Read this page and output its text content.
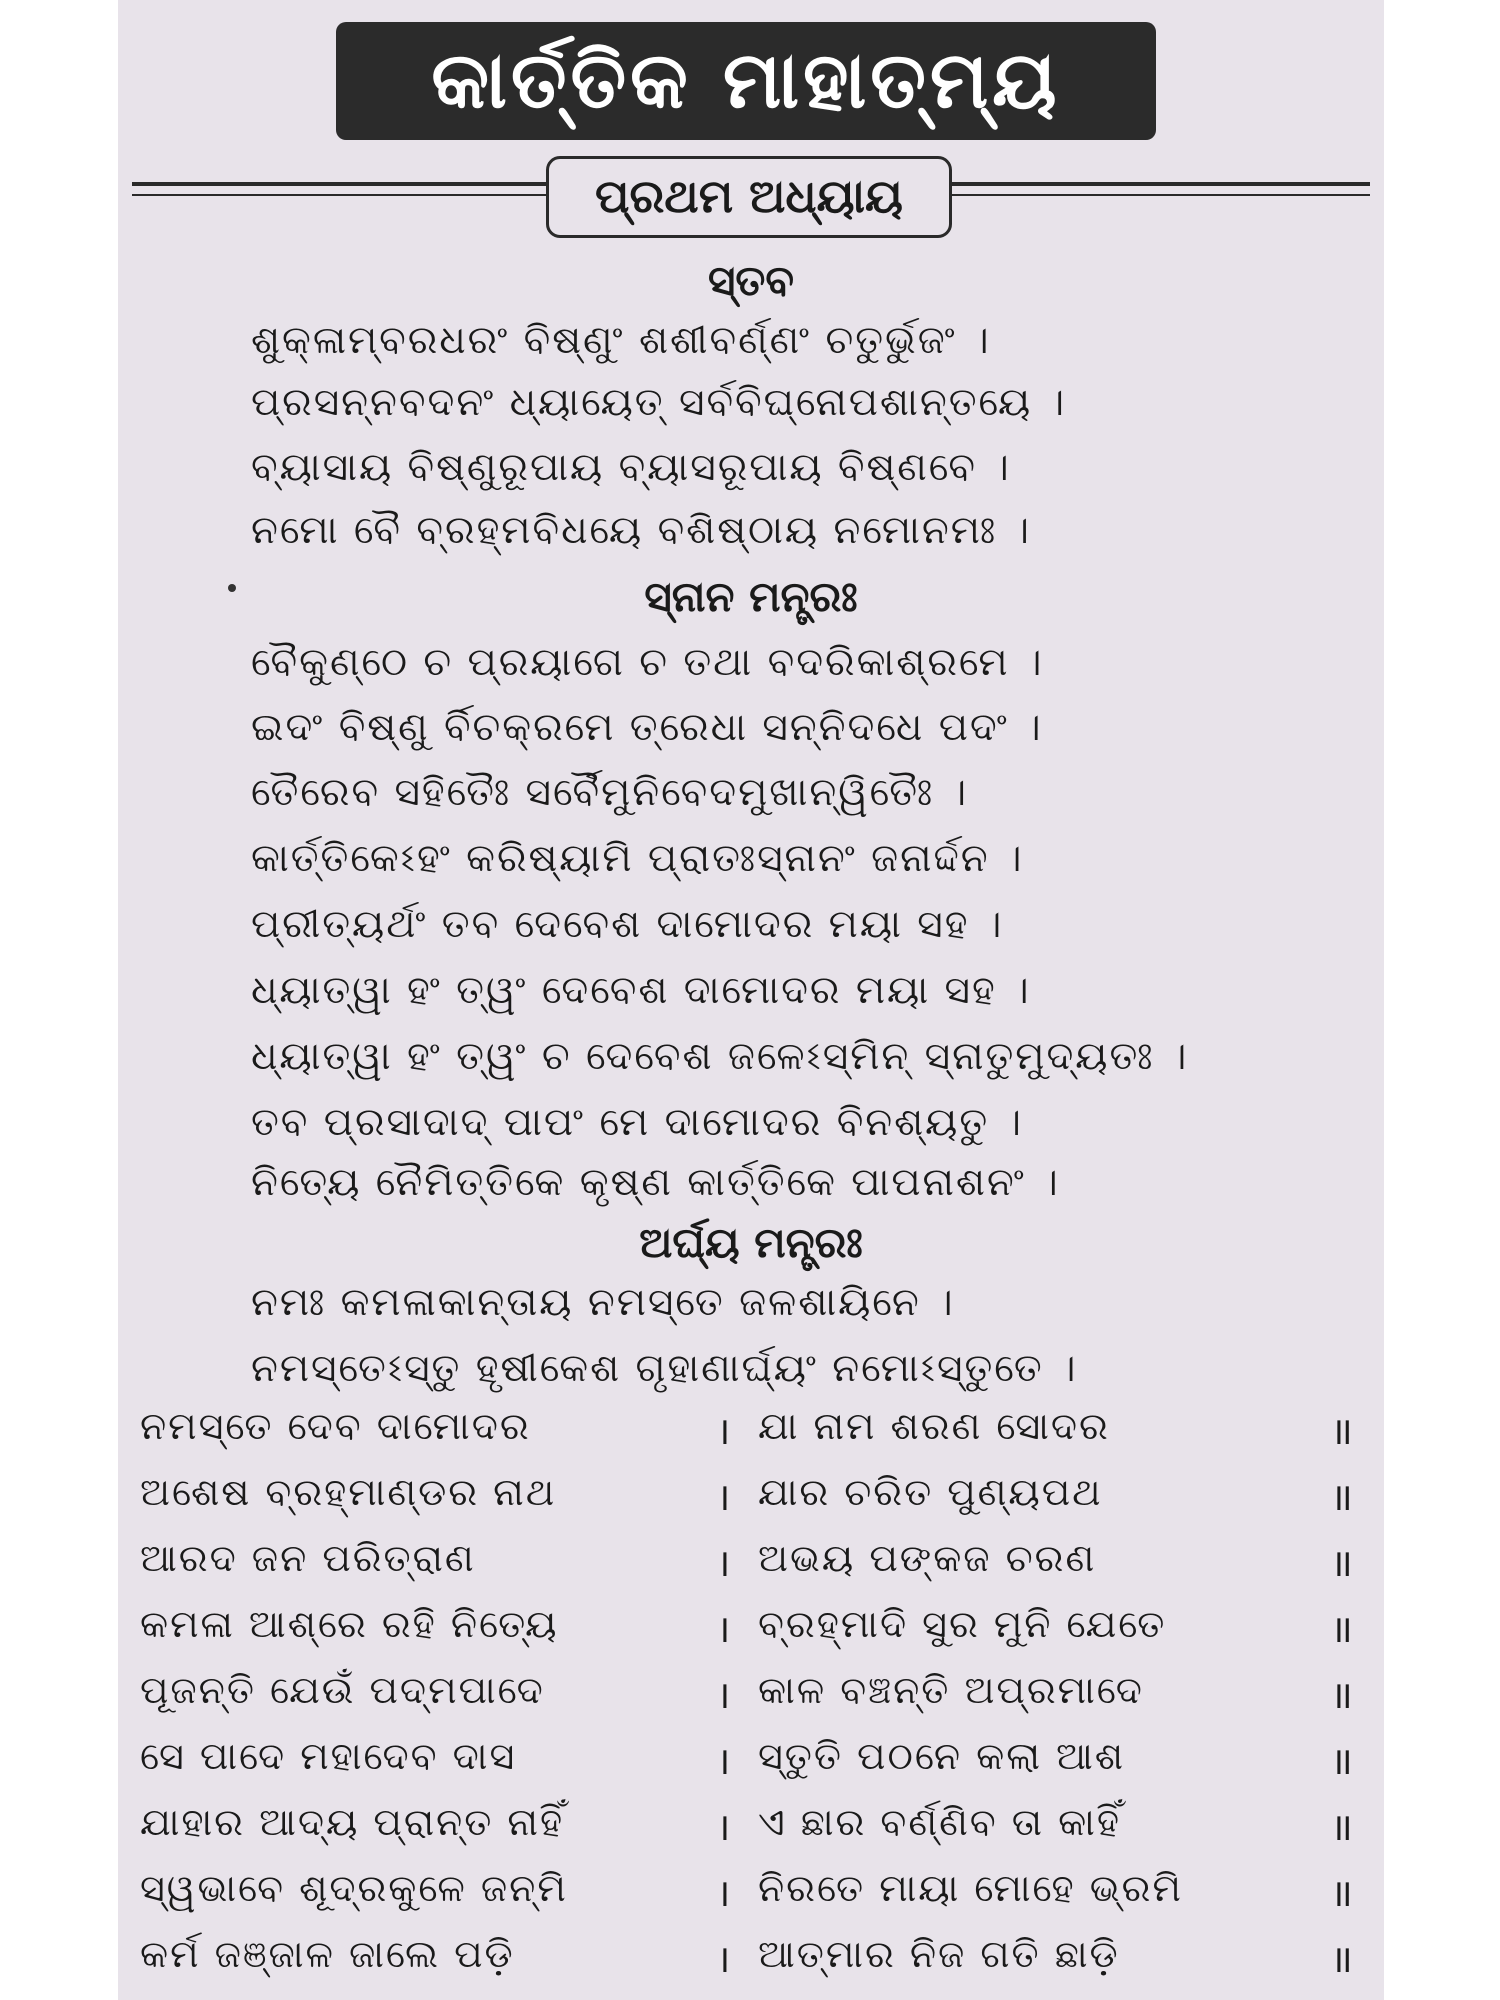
କାର୍ତ୍ତିକ ମାହାତ୍ମ୍ୟ
ପ୍ରଥମ ଅଧ୍ୟାୟ
ସ୍ତବ
ଶୁକ୍ଳାମ୍ବରଧରଂ ବିଷ୍ଣୁଂ ଶଶୀବର୍ଣ୍ଣଂ ଚତୁର୍ଭୁଜଂ ।
ପ୍ରସନ୍ନବଦନଂ ଧ୍ୟାୟେତ୍ ସର୍ବବିଘ୍ନୋପଶାନ୍ତୟେ ।
ବ୍ୟାସାୟ ବିଷ୍ଣୁରୂପାୟ ବ୍ୟାସରୂପାୟ ବିଷ୍ଣବେ ।
ନମୋ ବୈ ବ୍ରହ୍ମବିଧୟେ ବଶିଷ୍ଠାୟ ନମୋନମଃ ।
ସ୍ନାନ ମନ୍ତ୍ରଃ
ବୈକୁଣ୍ଠେ ଚ ପ୍ରୟାଗେ ଚ ତଥା ବଦରିକାଶ୍ରମେ ।
ଇଦଂ ବିଷ୍ଣୁ ର୍ବିଚକ୍ରମେ ତ୍ରେଧା ସନ୍ନିଦଧେ ପଦଂ ।
ତୈରେବ ସହିତୈଃ ସର୍ବୈମୁନିବେଦମୁଖାନ୍ୱିତୈଃ ।
କାର୍ତ୍ତିକେଽହଂ କରିଷ୍ୟାମି ପ୍ରାତଃସ୍ନାନଂ ଜନାର୍ଦ୍ଦନ ।
ପ୍ରୀତ୍ୟର୍ଥଂ ତବ ଦେବେଶ ଦାମୋଦର ମୟା ସହ ।
ଧ୍ୟାତ୍ୱା ହଂ ତ୍ୱଂ ଦେବେଶ ଦାମୋଦର ମୟା ସହ ।
ଧ୍ୟାତ୍ୱା ହଂ ତ୍ୱଂ ଚ ଦେବେଶ ଜଳେଽସ୍ମିନ୍ ସ୍ନାତୁମୁଦ୍ୟତଃ ।
ତବ ପ୍ରସାଦାଦ୍ ପାପଂ ମେ ଦାମୋଦର ବିନଶ୍ୟତୁ ।
ନିତ୍ୟେ ନୈମିତ୍ତିକେ କୃଷ୍ଣ କାର୍ତ୍ତିକେ ପାପନାଶନଂ ।
ଅର୍ଘ୍ୟ ମନ୍ତ୍ରଃ
ନମଃ କମଳାକାନ୍ତାୟ ନମସ୍ତେ ଜଳଶାୟିନେ ।
ନମସ୍ତେଽସ୍ତୁ ହୃଷୀକେଶ ଗୃହାଣାର୍ଘ୍ୟଂ ନମୋଽସ୍ତୁତେ ।
ନମସ୍ତେ ଦେବ ଦାମୋଦର	। ଯା ନାମ ଶରଣ ସୋଦର	॥
ଅଶେଷ ବ୍ରହ୍ମାଣ୍ଡର ନାଥ	। ଯାର ଚରିତ ପୁଣ୍ୟପଥ	॥
ଆରଦ ଜନ ପରିତ୍ରାଣ	। ଅଭୟ ପଙ୍କଜ ଚରଣ	॥
କମଳା ଆଶ୍ରେ ରହି ନିତ୍ୟେ	। ବ୍ରହ୍ମାଦି ସୁର ମୁନି ଯେତେ	॥
ପୂଜନ୍ତି ଯେଉଁ ପଦ୍ମପାଦେ	। କାଳ ବଞ୍ଚନ୍ତି ଅପ୍ରମାଦେ	॥
ସେ ପାଦେ ମହାଦେବ ଦାସ	। ସ୍ତୁତି ପଠନେ କଲା ଆଶ	॥
ଯାହାର ଆଦ୍ୟ ପ୍ରାନ୍ତ ନାହିଁ	। ଏ ଛାର ବର୍ଣ୍ଣିବ ତା କାହିଁ	॥
ସ୍ୱଭାବେ ଶୂଦ୍ରକୁଳେ ଜନ୍ମି	। ନିରତେ ମାୟା ମୋହେ ଭ୍ରମି	॥
କର୍ମ ଜଞ୍ଜାଳ ଜାଲେ ପଡ଼ି	। ଆତ୍ମାର ନିଜ ଗତି ଛାଡ଼ି	॥
